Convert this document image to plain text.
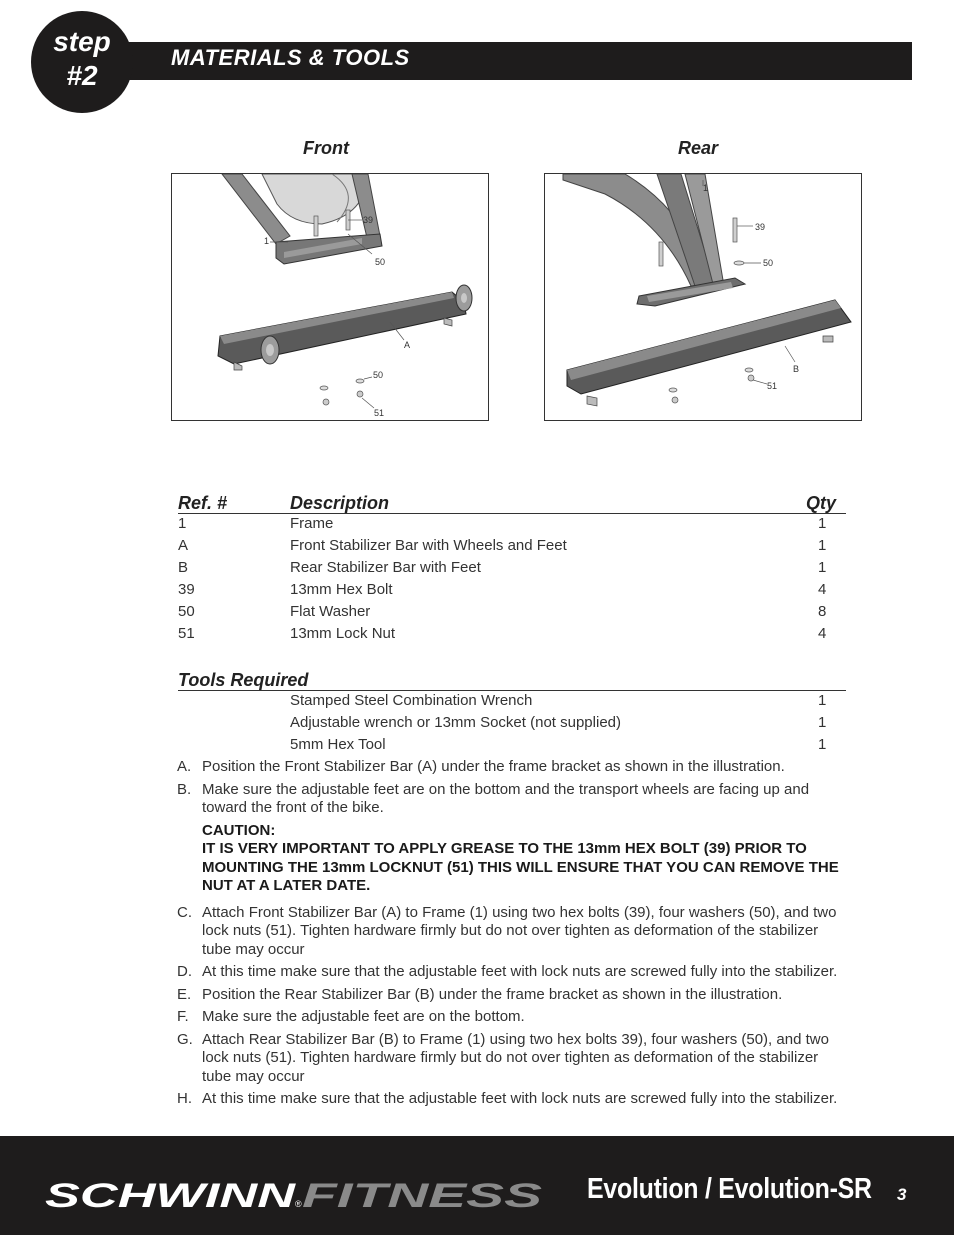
MATERIALS & TOOLS
step
#2
Front	Rear
39
1
50
A
50
51
1
39
50
B
51
Ref. #	Description	Qty
1	Frame	1
A	Front Stabilizer Bar with Wheels and Feet	1
B	Rear Stabilizer Bar with Feet	1
39	13mm Hex Bolt	4
50	Flat Washer	8
51	13mm Lock Nut	4
Tools Required
Stamped Steel Combination Wrench	1
Adjustable wrench or 13mm Socket (not supplied)	1
5mm Hex Tool	1
A. Position the Front Stabilizer Bar (A) under the frame bracket as shown in the illustration.
B. Make sure the adjustable feet are on the bottom and the transport wheels are facing up and toward the front of the bike.
CAUTION:
IT IS VERY IMPORTANT TO APPLY GREASE TO THE 13mm HEX BOLT (39) PRIOR TO MOUNTING THE 13mm LOCKNUT (51) THIS WILL ENSURE THAT YOU CAN REMOVE THE NUT AT A LATER DATE.
C. Attach Front Stabilizer Bar (A) to Frame (1) using two hex bolts (39), four washers (50), and two lock nuts (51). Tighten hardware firmly but do not over tighten as deformation of the stabilizer tube may occur
D. At this time make sure that the adjustable feet with lock nuts are screwed fully into the stabilizer.
E. Position the Rear Stabilizer Bar (B) under the frame bracket as shown in the illustration.
F. Make sure the adjustable feet are on the bottom.
G. Attach Rear Stabilizer Bar (B) to Frame (1) using two hex bolts 39), four washers (50), and two lock nuts (51). Tighten hardware firmly but do not over tighten as deformation of the stabilizer tube may occur
H. At this time make sure that the adjustable feet with lock nuts are screwed fully into the stabilizer.
SCHWINN
® FITNESS Evolution / Evolution-SR 3
